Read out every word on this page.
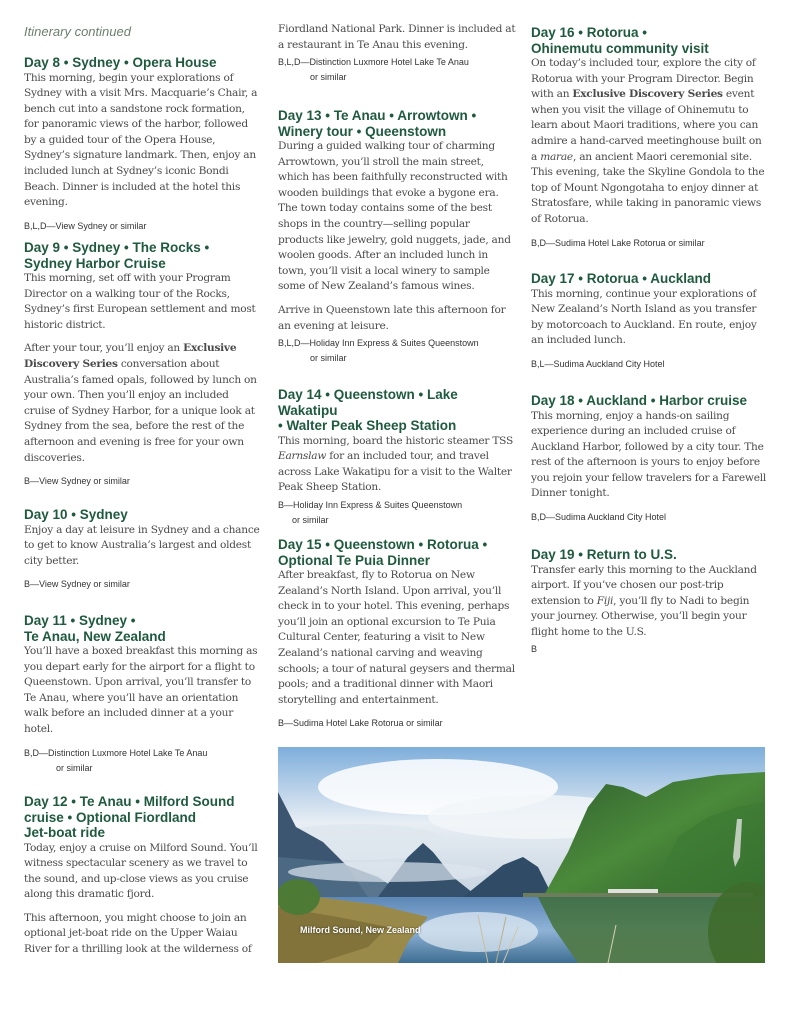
Itinerary continued

Day 8 • Sydney • Opera House

This morning, begin your explorations of Sydney with a visit Mrs. Macquarie’s Chair, a bench cut into a sandstone rock formation, for panoramic views of the harbor, followed by a guided tour of the Opera House, Sydney’s signature landmark. Then, enjoy an included lunch at Sydney’s iconic Bondi Beach. Dinner is included at the hotel this evening.

B,L,D—View Sydney or similar

Day 9 • Sydney • The Rocks •
Sydney Harbor Cruise

This morning, set off with your Program Director on a walking tour of the Rocks, Sydney’s first European settlement and most historic district.

After your tour, you’ll enjoy an Exclusive Discovery Series conversation about Australia’s famed opals, followed by lunch on your own. Then you’ll enjoy an included cruise of Sydney Harbor, for a unique look at Sydney from the sea, before the rest of the afternoon and evening is free for your own discoveries.

B—View Sydney or similar

Day 10 • Sydney

Enjoy a day at leisure in Sydney and a chance to get to know Australia’s largest and oldest city better.

B—View Sydney or similar

Day 11 • Sydney •
Te Anau, New Zealand

You’ll have a boxed breakfast this morning as you depart early for the airport for a flight to Queenstown. Upon arrival, you’ll transfer to Te Anau, where you’ll have an orientation walk before an included dinner at a your hotel.

B,D—Distinction Luxmore Hotel Lake Te Anau
or similar

Day 12 • Te Anau • Milford Sound
cruise • Optional Fiordland
Jet-boat ride

Today, enjoy a cruise on Milford Sound. You’ll witness spectacular scenery as we travel to the sound, and up-close views as you cruise along this dramatic fjord.

This afternoon, you might choose to join an optional jet-boat ride on the Upper Waiau River for a thrilling look at the wilderness of

Fiordland National Park. Dinner is included at a restaurant in Te Anau this evening.

B,L,D—Distinction Luxmore Hotel Lake Te Anau
or similar

Day 13 • Te Anau • Arrowtown •
Winery tour • Queenstown

During a guided walking tour of charming Arrowtown, you’ll stroll the main street, which has been faithfully reconstructed with wooden buildings that evoke a bygone era. The town today contains some of the best shops in the country—selling popular products like jewelry, gold nuggets, jade, and woolen goods. After an included lunch in town, you’ll visit a local winery to sample some of New Zealand’s famous wines.

Arrive in Queenstown late this afternoon for an evening at leisure.

B,L,D—Holiday Inn Express & Suites Queenstown
or similar

Day 14 • Queenstown • Lake Wakatipu
• Walter Peak Sheep Station

This morning, board the historic steamer TSS Earnslaw for an included tour, and travel across Lake Wakatipu for a visit to the Walter Peak Sheep Station.

B—Holiday Inn Express & Suites Queenstown
or similar

Day 15 • Queenstown • Rotorua •
Optional Te Puia Dinner

After breakfast, fly to Rotorua on New Zealand’s North Island. Upon arrival, you’ll check in to your hotel. This evening, perhaps you’ll join an optional excursion to Te Puia Cultural Center, featuring a visit to New Zealand’s national carving and weaving schools; a tour of natural geysers and thermal pools; and a traditional dinner with Maori storytelling and entertainment.

B—Sudima Hotel Lake Rotorua or similar

Day 16 • Rotorua •
Ohinemutu community visit

On today’s included tour, explore the city of Rotorua with your Program Director. Begin with an Exclusive Discovery Series event when you visit the village of Ohinemutu to learn about Maori traditions, where you can admire a hand-carved meetinghouse built on a marae, an ancient Maori ceremonial site. This evening, take the Skyline Gondola to the top of Mount Ngongotaha to enjoy dinner at Stratosfare, while taking in panoramic views of Rotorua.

B,D—Sudima Hotel Lake Rotorua or similar

Day 17 • Rotorua • Auckland

This morning, continue your explorations of New Zealand’s North Island as you transfer by motorcoach to Auckland. En route, enjoy an included lunch.

B,L—Sudima Auckland City Hotel

Day 18 • Auckland • Harbor cruise

This morning, enjoy a hands-on sailing experience during an included cruise of Auckland Harbor, followed by a city tour. The rest of the afternoon is yours to enjoy before you rejoin your fellow travelers for a Farewell Dinner tonight.

B,D—Sudima Auckland City Hotel

Day 19 • Return to U.S.

Transfer early this morning to the Auckland airport. If you’ve chosen our post-trip extension to Fiji, you’ll fly to Nadi to begin your journey. Otherwise, you’ll begin your flight home to the U.S.

B

Milford Sound, New Zealand
